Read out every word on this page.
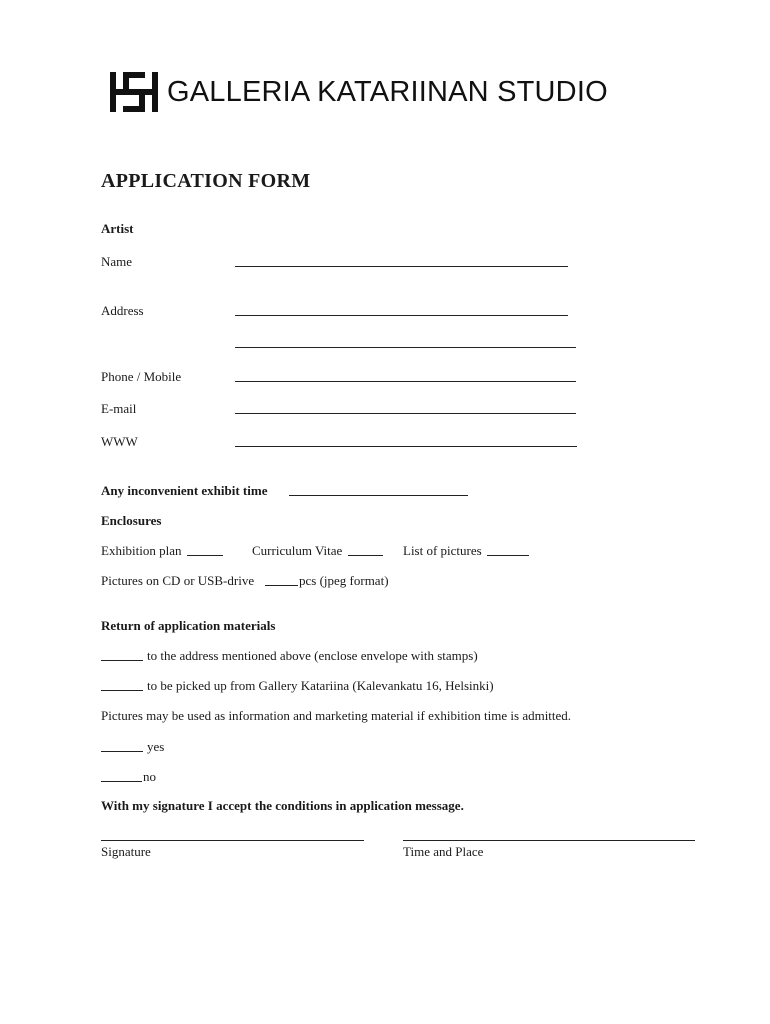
GALLERIA KATARIINAN STUDIO
APPLICATION FORM
Artist
Name
Address
Phone / Mobile
E-mail
WWW
Any inconvenient exhibit time
Enclosures
Exhibition plan	Curriculum Vitae	List of pictures
Pictures on CD or USB-drive	pcs (jpeg format)
Return of application materials
to the address mentioned above (enclose envelope with stamps)
to be picked up from Gallery Katariina (Kalevankatu 16, Helsinki)
Pictures may be used as information and marketing material if exhibition time is admitted.
yes
no
With my signature I accept the conditions in application message.
Signature	Time and Place
